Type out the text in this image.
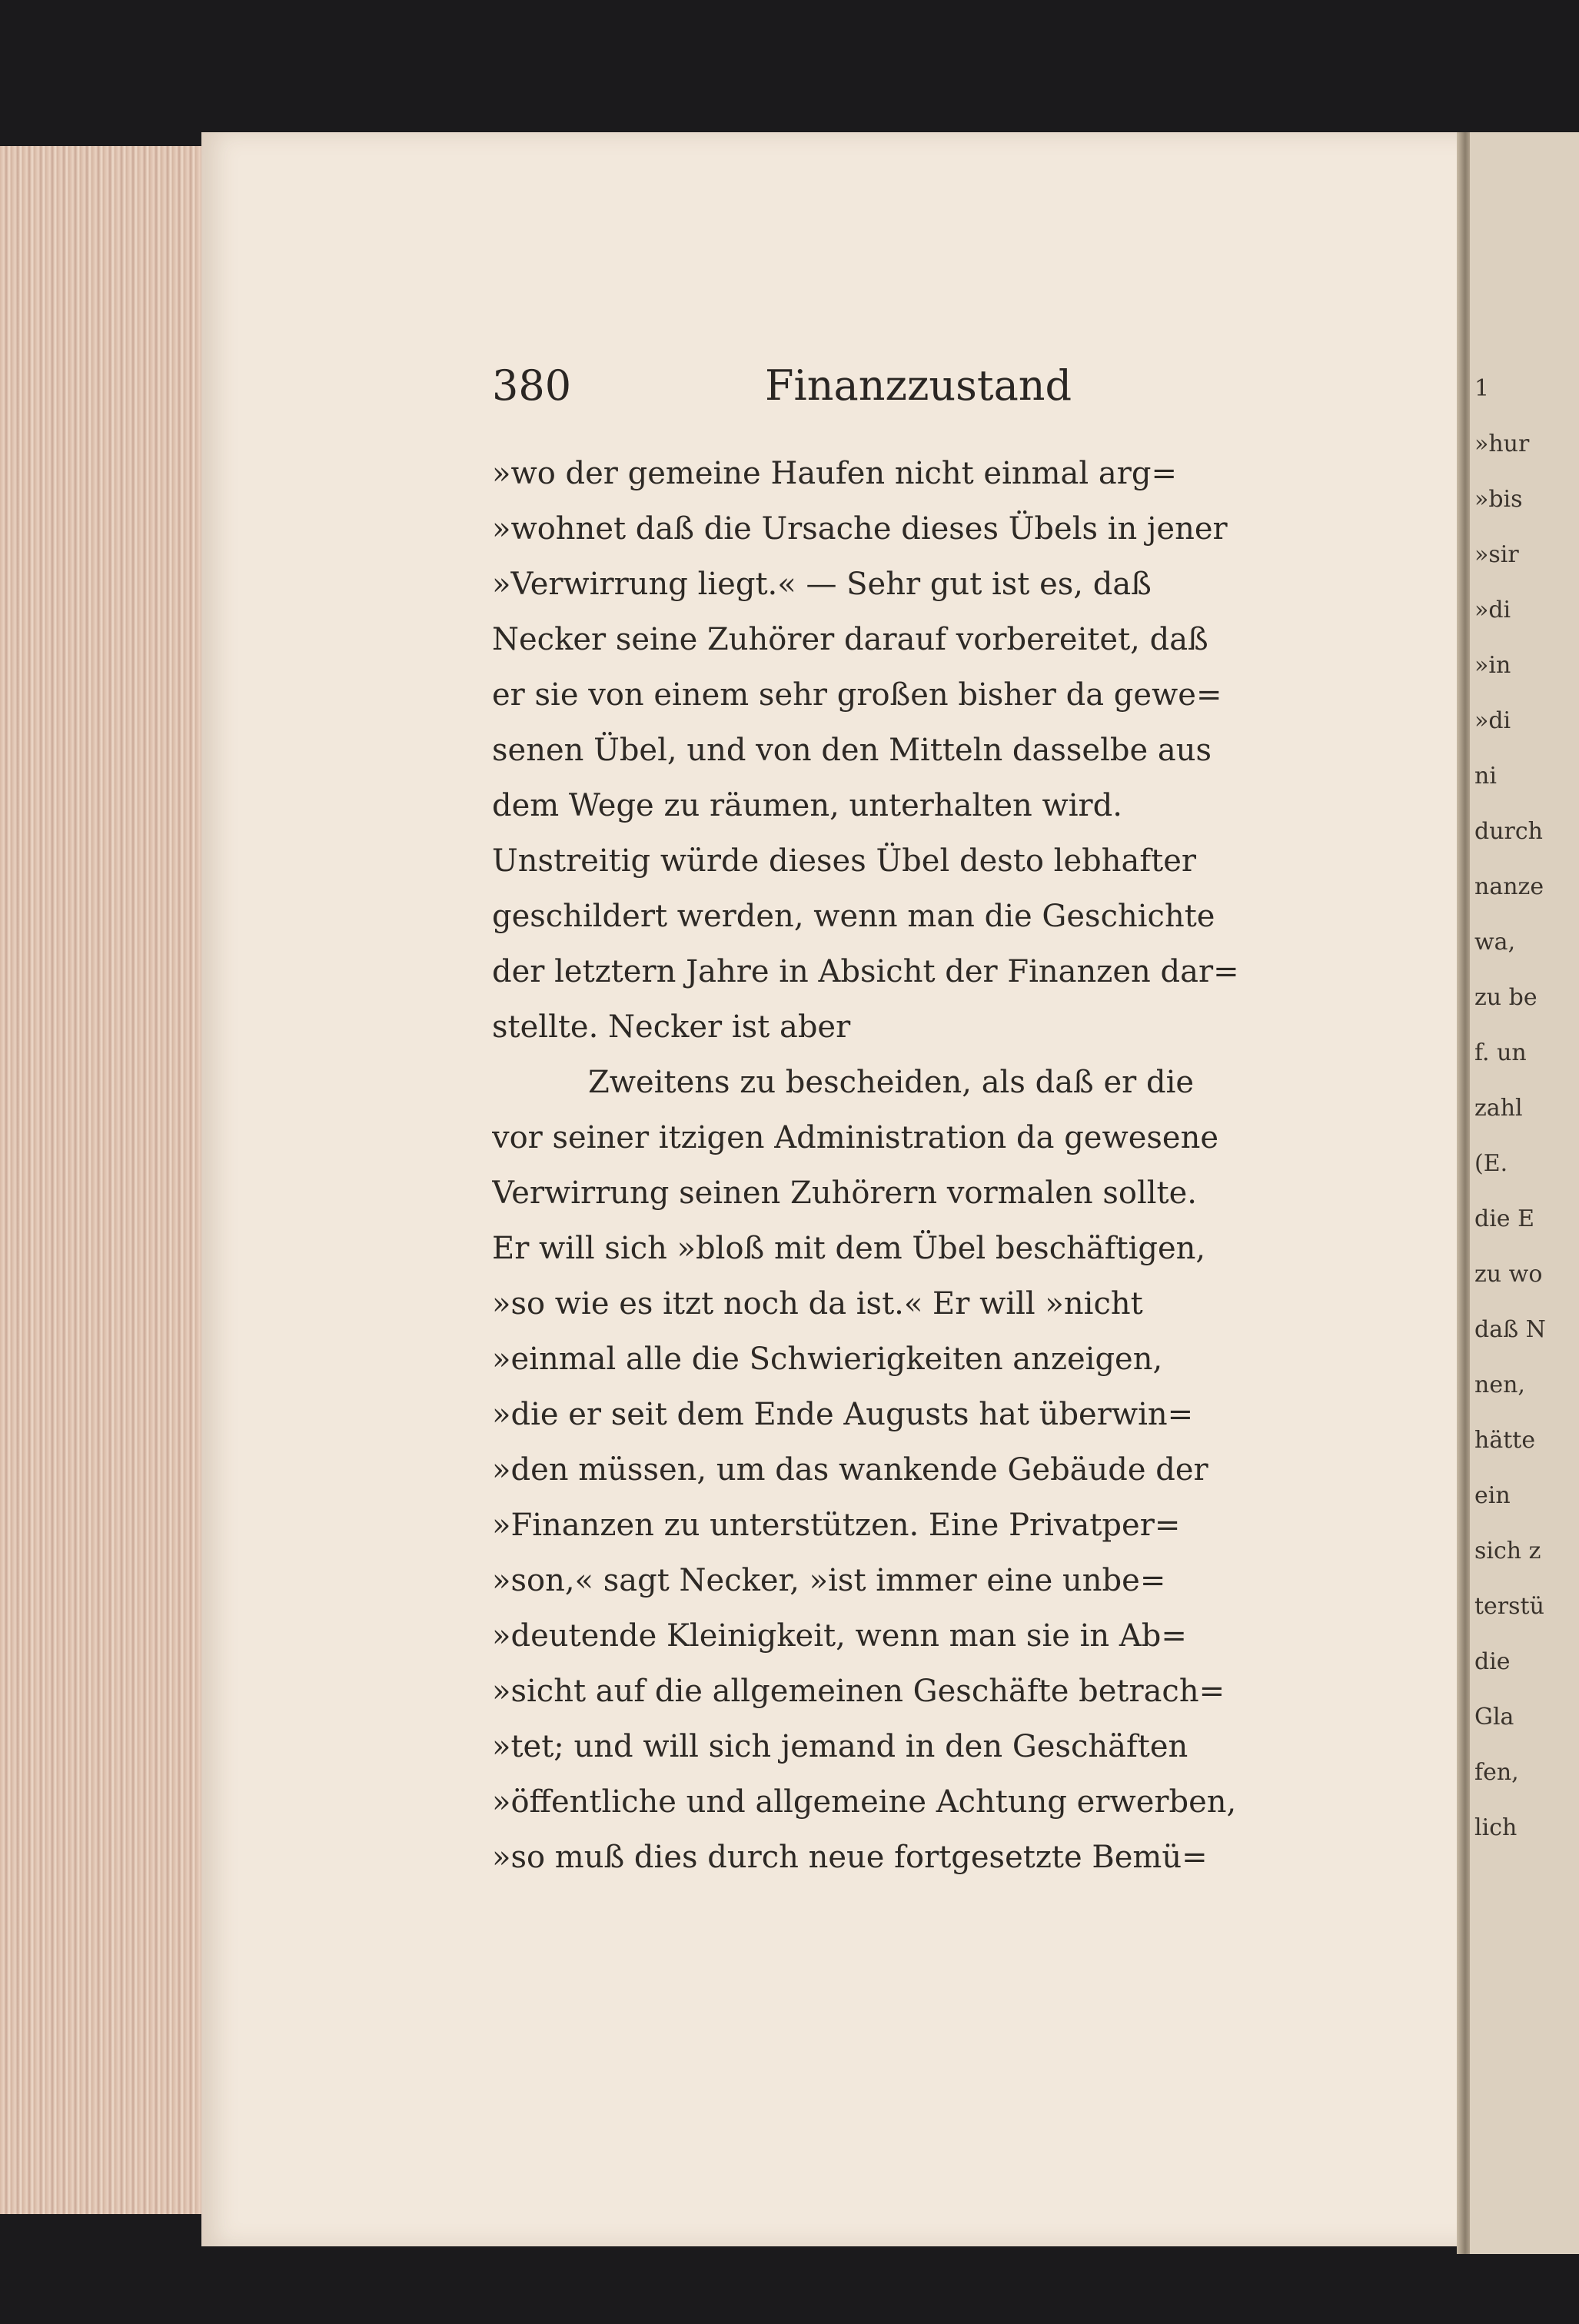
380	Finanzzustand
»wo der gemeine Haufen nicht einmal arg=
»wohnet daß die Ursache dieses Übels in jener
»Verwirrung liegt.« — Sehr gut ist es, daß
Necker seine Zuhörer darauf vorbereitet, daß
er sie von einem sehr großen bisher da gewe=
senen Übel, und von den Mitteln dasselbe aus
dem Wege zu räumen, unterhalten wird.
Unstreitig würde dieses Übel desto lebhafter
geschildert werden, wenn man die Geschichte
der letztern Jahre in Absicht der Finanzen dar=
stellte. Necker ist aber
Zweitens zu bescheiden, als daß er die
vor seiner itzigen Administration da gewesene
Verwirrung seinen Zuhörern vormalen sollte.
Er will sich »bloß mit dem Übel beschäftigen,
»so wie es itzt noch da ist.« Er will »nicht
»einmal alle die Schwierigkeiten anzeigen,
»die er seit dem Ende Augusts hat überwin=
»den müssen, um das wankende Gebäude der
»Finanzen zu unterstützen. Eine Privatper=
»son,« sagt Necker, »ist immer eine unbe=
»deutende Kleinigkeit, wenn man sie in Ab=
»sicht auf die allgemeinen Geschäfte betrach=
»tet; und will sich jemand in den Geschäften
»öffentliche und allgemeine Achtung erwerben,
»so muß dies durch neue fortgesetzte Bemü=
1
»hur
»bis
»sir
»di
»in
»di
ni
durch
nanze
wa,
zu be
f. un
zahl
(E.
die E
zu wo
daß N
nen,
hätte
ein
sich z
terstü
die
Gla
fen,
lich
